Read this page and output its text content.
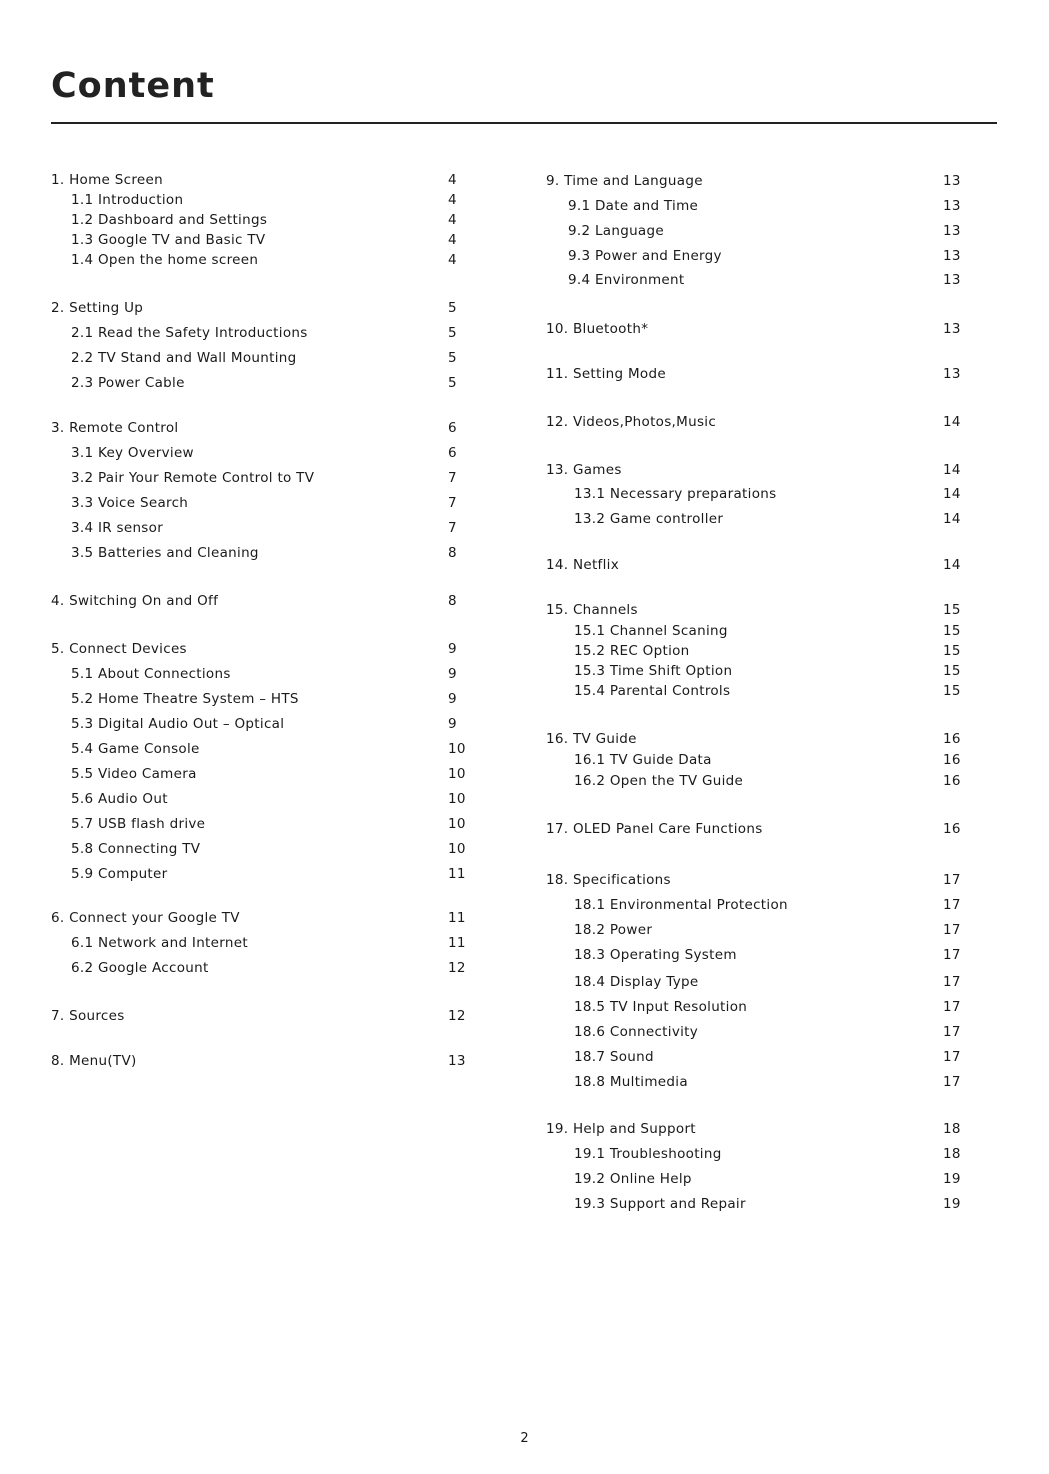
Content
1. Home Screen	4
1.1 Introduction	4
1.2 Dashboard and Settings	4
1.3 Google TV and Basic TV	4
1.4 Open the home screen	4
2. Setting Up	5
2.1 Read the Safety Introductions	5
2.2 TV Stand and Wall Mounting	5
2.3 Power Cable	5
3. Remote Control	6
3.1 Key Overview	6
3.2 Pair Your Remote Control to TV	7
3.3 Voice Search	7
3.4 IR sensor	7
3.5 Batteries and Cleaning	8
4. Switching On and Off	8
5. Connect Devices	9
5.1 About Connections	9
5.2 Home Theatre System – HTS	9
5.3 Digital Audio Out – Optical	9
5.4 Game Console	10
5.5 Video Camera	10
5.6 Audio Out	10
5.7 USB flash drive	10
5.8 Connecting TV	10
5.9 Computer	11
6. Connect your Google TV	11
6.1 Network and Internet	11
6.2 Google Account	12
7. Sources	12
8. Menu(TV)	13
9. Time and Language	13
9.1 Date and Time	13
9.2 Language	13
9.3 Power and Energy	13
9.4 Environment	13
10. Bluetooth*	13
11. Setting Mode	13
12. Videos,Photos,Music	14
13. Games	14
13.1 Necessary preparations	14
13.2 Game controller	14
14. Netflix	14
15. Channels	15
15.1 Channel Scaning	15
15.2 REC Option	15
15.3 Time Shift Option	15
15.4 Parental Controls	15
16. TV Guide	16
16.1 TV Guide Data	16
16.2 Open the TV Guide	16
17. OLED Panel Care Functions	16
18. Specifications	17
18.1 Environmental Protection	17
18.2 Power	17
18.3 Operating System	17
18.4 Display Type	17
18.5 TV Input Resolution	17
18.6 Connectivity	17
18.7 Sound	17
18.8 Multimedia	17
19. Help and Support	18
19.1 Troubleshooting	18
19.2 Online Help	19
19.3 Support and Repair	19
2
